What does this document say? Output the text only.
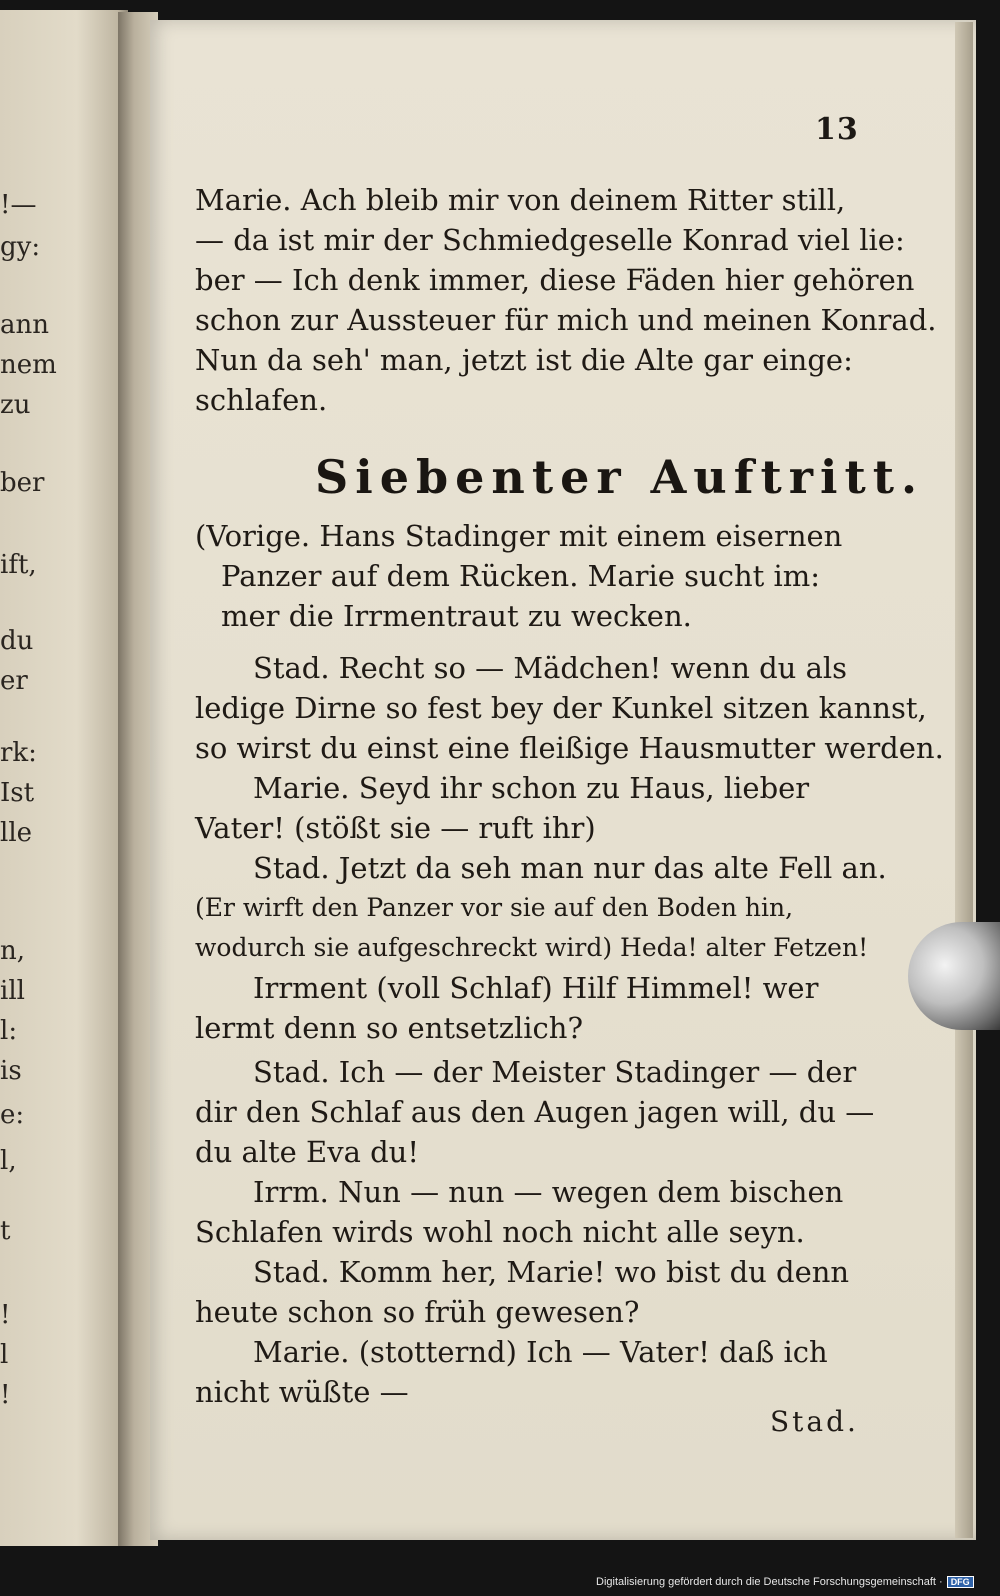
!—
gy:
ann
nem
zu
ber
ift,
du
er
rk:
Ist
lle
n,
ill
l:
is
e:
l,
t
!
l
!
13
Marie. Ach bleib mir von deinem Ritter still,
— da ist mir der Schmiedgeselle Konrad viel lie:
ber — Ich denk immer, diese Fäden hier gehören
schon zur Aussteuer für mich und meinen Konrad.
Nun da seh' man, jetzt ist die Alte gar einge:
schlafen.
Siebenter Auftritt.
(Vorige. Hans Stadinger mit einem eisernen
Panzer auf dem Rücken. Marie sucht im:
mer die Irrmentraut zu wecken.
Stad. Recht so — Mädchen! wenn du als
ledige Dirne so fest bey der Kunkel sitzen kannst,
so wirst du einst eine fleißige Hausmutter werden.
Marie. Seyd ihr schon zu Haus, lieber
Vater! (stößt sie — ruft ihr)
Stad. Jetzt da seh man nur das alte Fell an.
(Er wirft den Panzer vor sie auf den Boden hin,
wodurch sie aufgeschreckt wird) Heda! alter Fetzen!
Irrment (voll Schlaf) Hilf Himmel! wer
lermt denn so entsetzlich?
Stad. Ich — der Meister Stadinger — der
dir den Schlaf aus den Augen jagen will, du —
du alte Eva du!
Irrm. Nun — nun — wegen dem bischen
Schlafen wirds wohl noch nicht alle seyn.
Stad. Komm her, Marie! wo bist du denn
heute schon so früh gewesen?
Marie. (stotternd) Ich — Vater! daß ich
nicht wüßte —
Stad.
Digitalisierung gefördert durch die Deutsche Forschungsgemeinschaft · DFG
